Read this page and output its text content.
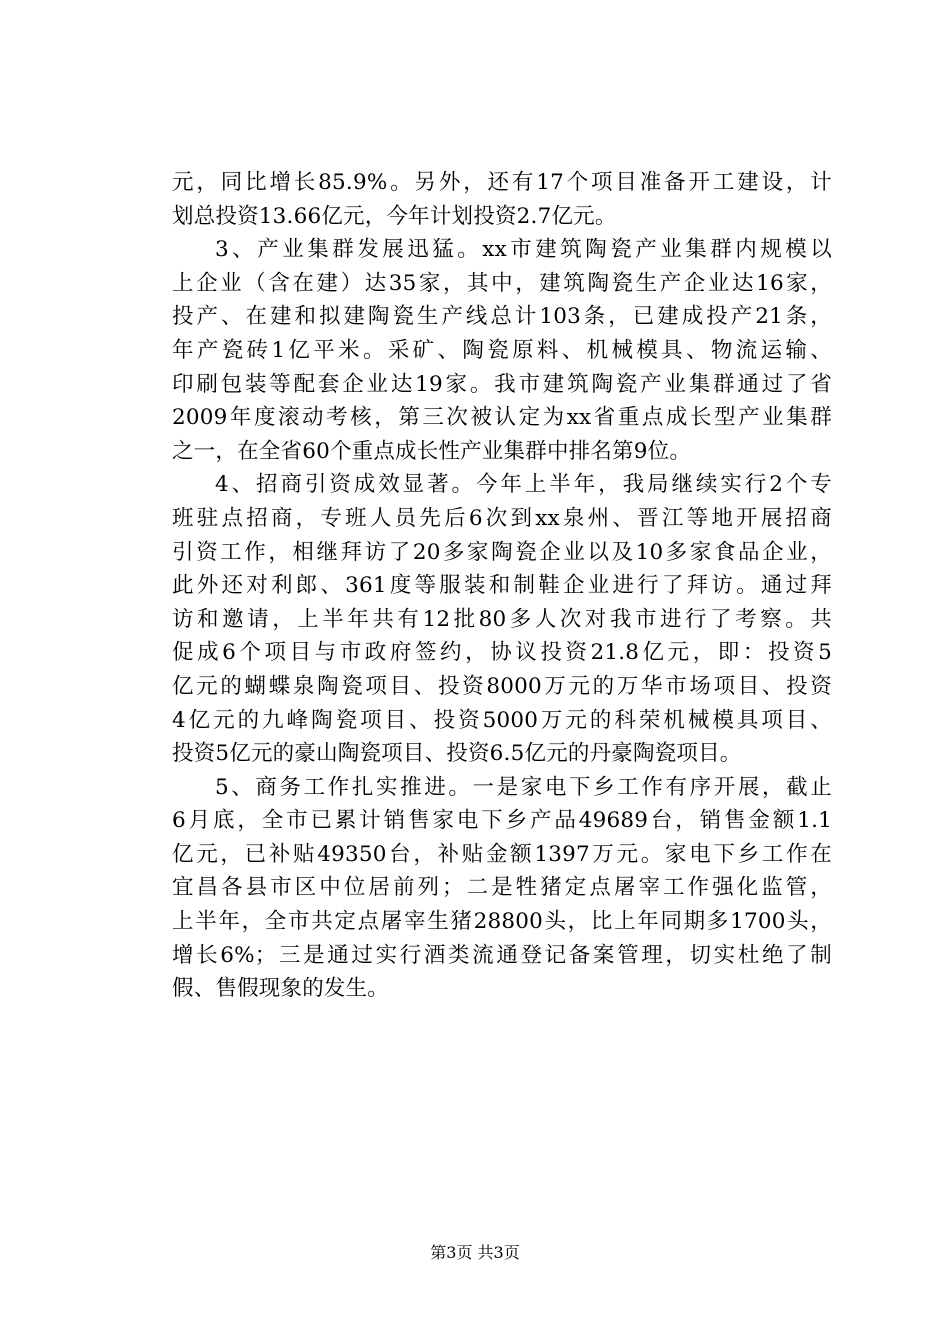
元，同比增长85.9%。另外，还有17个项目准备开工建设，计
划总投资13.66亿元，今年计划投资2.7亿元。
3、产业集群发展迅猛。xx市建筑陶瓷产业集群内规模以
上企业（含在建）达35家，其中，建筑陶瓷生产企业达16家，
投产、在建和拟建陶瓷生产线总计103条，已建成投产21条，
年产瓷砖1亿平米。采矿、陶瓷原料、机械模具、物流运输、
印刷包装等配套企业达19家。我市建筑陶瓷产业集群通过了省
2009年度滚动考核，第三次被认定为xx省重点成长型产业集群
之一，在全省60个重点成长性产业集群中排名第9位。
4、招商引资成效显著。今年上半年，我局继续实行2个专
班驻点招商，专班人员先后6次到xx泉州、晋江等地开展招商
引资工作，相继拜访了20多家陶瓷企业以及10多家食品企业，
此外还对利郎、361度等服装和制鞋企业进行了拜访。通过拜
访和邀请，上半年共有12批80多人次对我市进行了考察。共
促成6个项目与市政府签约，协议投资21.8亿元，即：投资5
亿元的蝴蝶泉陶瓷项目、投资8000万元的万华市场项目、投资
4亿元的九峰陶瓷项目、投资5000万元的科荣机械模具项目、
投资5亿元的豪山陶瓷项目、投资6.5亿元的丹豪陶瓷项目。
5、商务工作扎实推进。一是家电下乡工作有序开展，截止
6月底，全市已累计销售家电下乡产品49689台，销售金额1.1
亿元，已补贴49350台，补贴金额1397万元。家电下乡工作在
宜昌各县市区中位居前列；二是牲猪定点屠宰工作强化监管，
上半年，全市共定点屠宰生猪28800头，比上年同期多1700头，
增长6%；三是通过实行酒类流通登记备案管理，切实杜绝了制
假、售假现象的发生。
第3页 共3页
